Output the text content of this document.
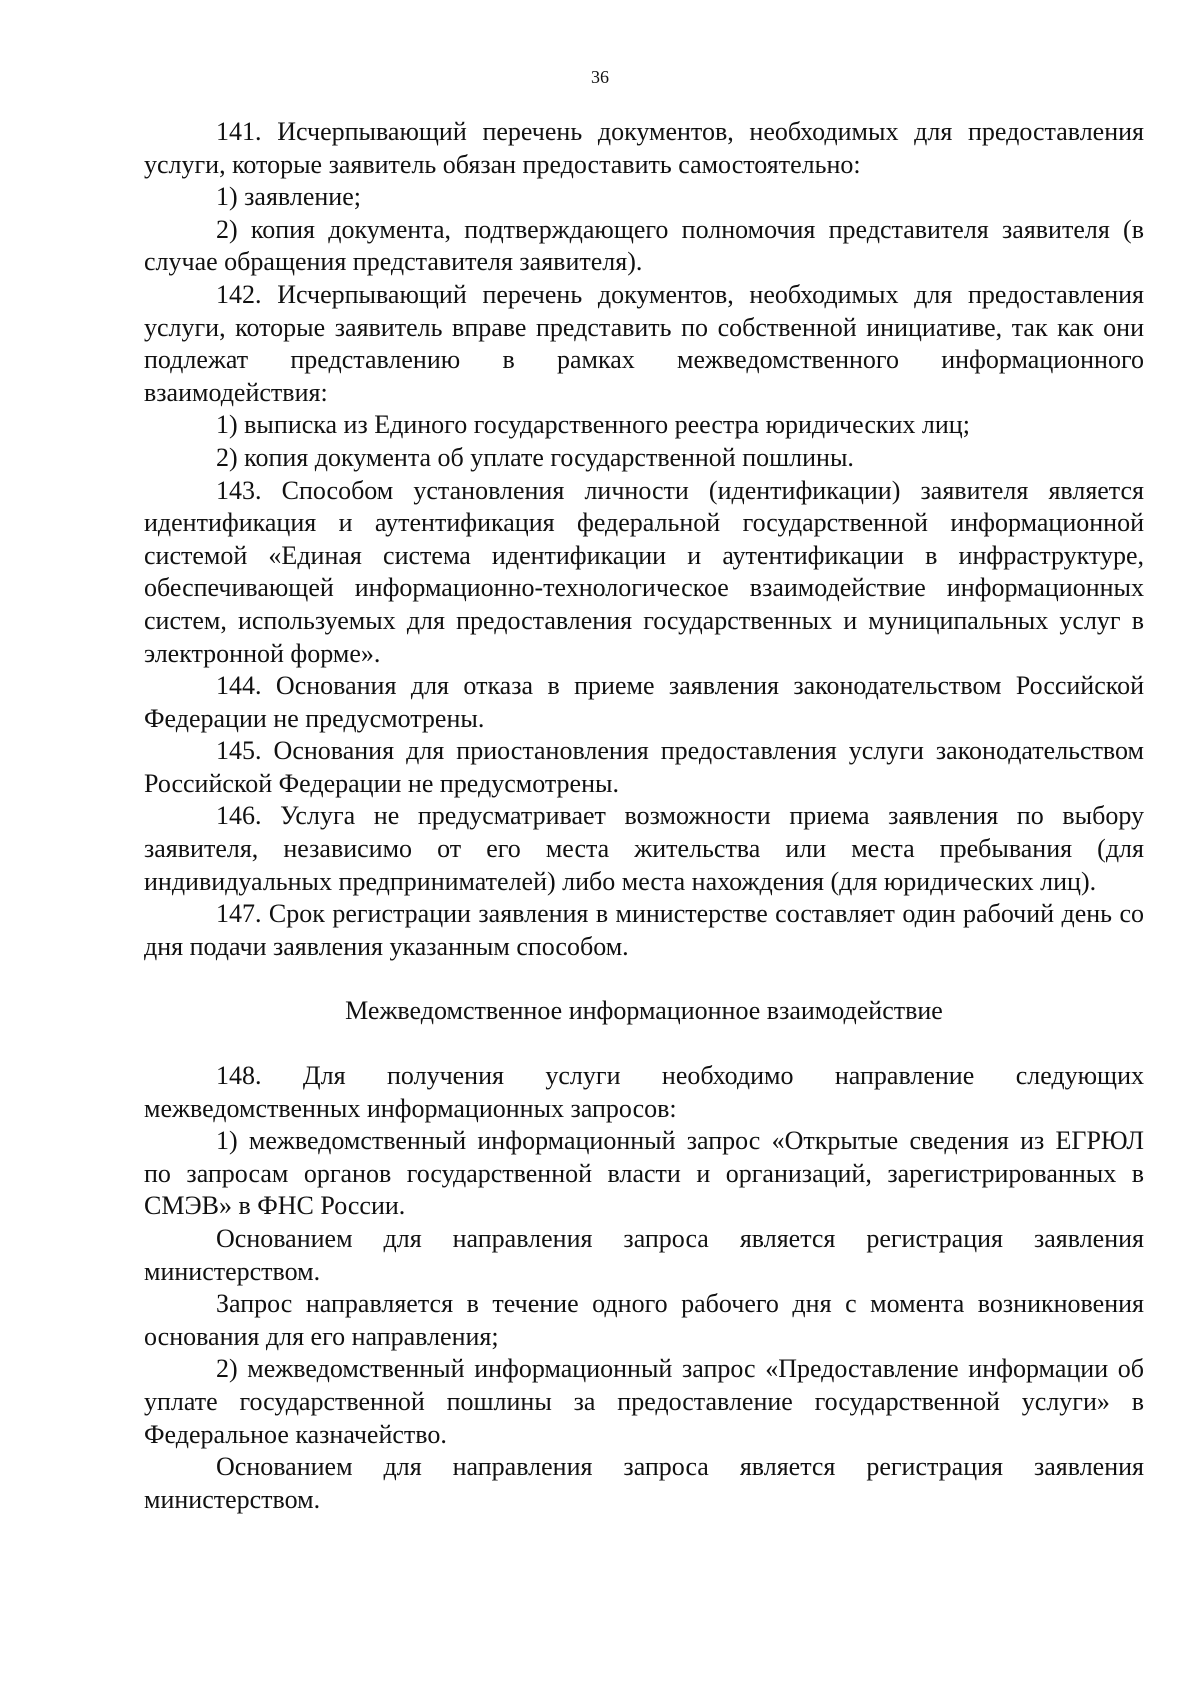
36

141. Исчерпывающий перечень документов, необходимых для предоставления услуги, которые заявитель обязан предоставить самостоятельно:

1) заявление;

2) копия документа, подтверждающего полномочия представителя заявителя (в случае обращения представителя заявителя).

142. Исчерпывающий перечень документов, необходимых для предоставления услуги, которые заявитель вправе представить по собственной инициативе, так как они подлежат представлению в рамках межведомственного информационного взаимодействия:

1) выписка из Единого государственного реестра юридических лиц;

2) копия документа об уплате государственной пошлины.

143. Способом установления личности (идентификации) заявителя является идентификация и аутентификация федеральной государственной информационной системой «Единая система идентификации и аутентификации в инфраструктуре, обеспечивающей информационно-технологическое взаимодействие информационных систем, используемых для предоставления государственных и муниципальных услуг в электронной форме».

144. Основания для отказа в приеме заявления законодательством Российской Федерации не предусмотрены.

145. Основания для приостановления предоставления услуги законодательством Российской Федерации не предусмотрены.

146. Услуга не предусматривает возможности приема заявления по выбору заявителя, независимо от его места жительства или места пребывания (для индивидуальных предпринимателей) либо места нахождения (для юридических лиц).

147. Срок регистрации заявления в министерстве составляет один рабочий день со дня подачи заявления указанным способом.

Межведомственное информационное взаимодействие

148. Для получения услуги необходимо направление следующих межведомственных информационных запросов:

1) межведомственный информационный запрос «Открытые сведения из ЕГРЮЛ по запросам органов государственной власти и организаций, зарегистрированных в СМЭВ» в ФНС России.

Основанием для направления запроса является регистрация заявления министерством.

Запрос направляется в течение одного рабочего дня с момента возникновения основания для его направления;

2) межведомственный информационный запрос «Предоставление информации об уплате государственной пошлины за предоставление государственной услуги» в Федеральное казначейство.

Основанием для направления запроса является регистрация заявления министерством.
